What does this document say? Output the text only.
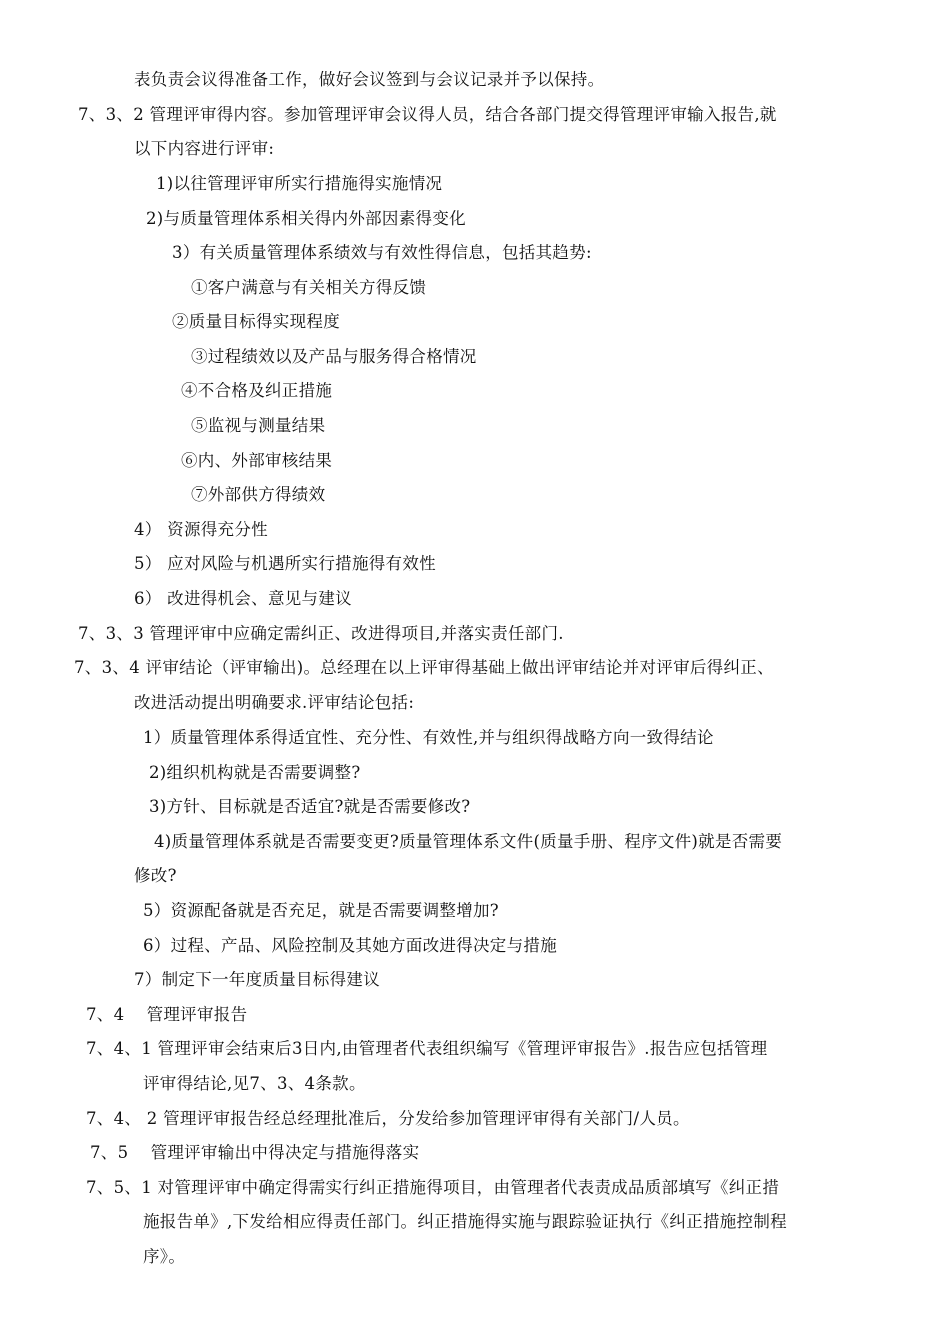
表负责会议得准备工作，做好会议签到与会议记录并予以保持。
7、3、2 管理评审得内容。参加管理评审会议得人员，结合各部门提交得管理评审输入报告,就
以下内容进行评审:
1)以往管理评审所实行措施得实施情况
2)与质量管理体系相关得内外部因素得变化
3）有关质量管理体系绩效与有效性得信息，包括其趋势:
①客户满意与有关相关方得反馈
②质量目标得实现程度
③过程绩效以及产品与服务得合格情况
④不合格及纠正措施
⑤监视与测量结果
⑥内、外部审核结果
⑦外部供方得绩效
4） 资源得充分性
5） 应对风险与机遇所实行措施得有效性
6） 改进得机会、意见与建议
7、3、3 管理评审中应确定需纠正、改进得项目,并落实责任部门.
7、3、4 评审结论（评审输出)。总经理在以上评审得基础上做出评审结论并对评审后得纠正、
改进活动提出明确要求.评审结论包括:
1）质量管理体系得适宜性、充分性、有效性,并与组织得战略方向一致得结论
2)组织机构就是否需要调整?
3)方针、目标就是否适宜?就是否需要修改?
4)质量管理体系就是否需要变更?质量管理体系文件(质量手册、程序文件)就是否需要
修改?
5）资源配备就是否充足，就是否需要调整增加?
6）过程、产品、风险控制及其她方面改进得决定与措施
7）制定下一年度质量目标得建议
7、4    管理评审报告
7、4、1 管理评审会结束后3日内,由管理者代表组织编写《管理评审报告》.报告应包括管理
评审得结论,见7、3、4条款。
7、4、 2 管理评审报告经总经理批准后，分发给参加管理评审得有关部门/人员。
7、5    管理评审输出中得决定与措施得落实
7、5、1 对管理评审中确定得需实行纠正措施得项目，由管理者代表责成品质部填写《纠正措
施报告单》,下发给相应得责任部门。纠正措施得实施与跟踪验证执行《纠正措施控制程
序》。
